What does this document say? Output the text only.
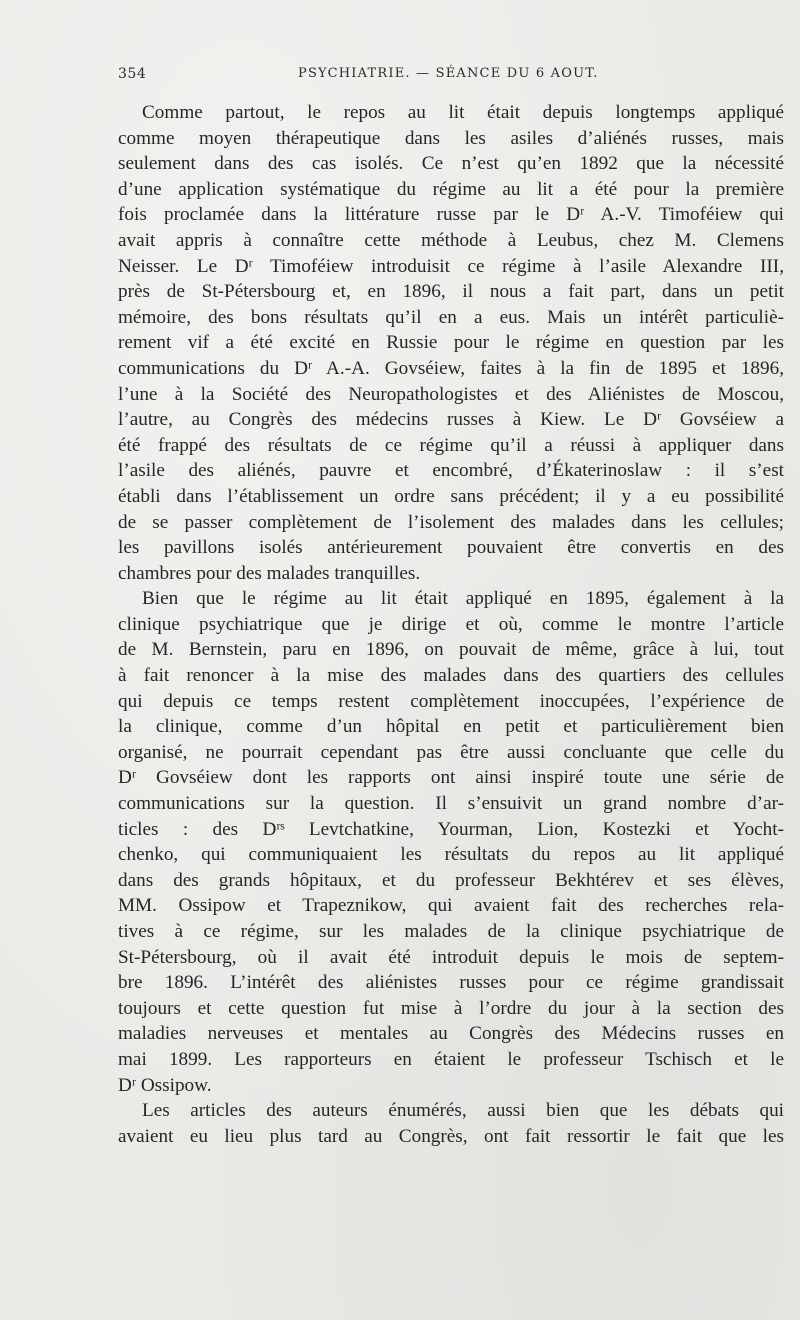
354	PSYCHIATRIE. — SÉANCE DU 6 AOUT.
Comme partout, le repos au lit était depuis longtemps appliqué
comme moyen thérapeutique dans les asiles d’aliénés russes, mais
seulement dans des cas isolés. Ce n’est qu’en 1892 que la nécessité
d’une application systématique du régime au lit a été pour la première
fois proclamée dans la littérature russe par le Dʳ A.-V. Timoféiew qui
avait appris à connaître cette méthode à Leubus, chez M. Clemens
Neisser. Le Dʳ Timoféiew introduisit ce régime à l’asile Alexandre III,
près de St-Pétersbourg et, en 1896, il nous a fait part, dans un petit
mémoire, des bons résultats qu’il en a eus. Mais un intérêt particuliè-
rement vif a été excité en Russie pour le régime en question par les
communications du Dʳ A.-A. Govséiew, faites à la fin de 1895 et 1896,
l’une à la Société des Neuropathologistes et des Aliénistes de Moscou,
l’autre, au Congrès des médecins russes à Kiew. Le Dʳ Govséiew a
été frappé des résultats de ce régime qu’il a réussi à appliquer dans
l’asile des aliénés, pauvre et encombré, d’Ékaterinoslaw : il s’est
établi dans l’établissement un ordre sans précédent; il y a eu possibilité
de se passer complètement de l’isolement des malades dans les cellules;
les pavillons isolés antérieurement pouvaient être convertis en des
chambres pour des malades tranquilles.
Bien que le régime au lit était appliqué en 1895, également à la
clinique psychiatrique que je dirige et où, comme le montre l’article
de M. Bernstein, paru en 1896, on pouvait de même, grâce à lui, tout
à fait renoncer à la mise des malades dans des quartiers des cellules
qui depuis ce temps restent complètement inoccupées, l’expérience de
la clinique, comme d’un hôpital en petit et particulièrement bien
organisé, ne pourrait cependant pas être aussi concluante que celle du
Dʳ Govséiew dont les rapports ont ainsi inspiré toute une série de
communications sur la question. Il s’ensuivit un grand nombre d’ar-
ticles : des Dʳˢ Levtchatkine, Yourman, Lion, Kostezki et Yocht-
chenko, qui communiquaient les résultats du repos au lit appliqué
dans des grands hôpitaux, et du professeur Bekhtérev et ses élèves,
MM. Ossipow et Trapeznikow, qui avaient fait des recherches rela-
tives à ce régime, sur les malades de la clinique psychiatrique de
St-Pétersbourg, où il avait été introduit depuis le mois de septem-
bre 1896. L’intérêt des aliénistes russes pour ce régime grandissait
toujours et cette question fut mise à l’ordre du jour à la section des
maladies nerveuses et mentales au Congrès des Médecins russes en
mai 1899. Les rapporteurs en étaient le professeur Tschisch et le
Dʳ Ossipow.
Les articles des auteurs énumérés, aussi bien que les débats qui
avaient eu lieu plus tard au Congrès, ont fait ressortir le fait que les
